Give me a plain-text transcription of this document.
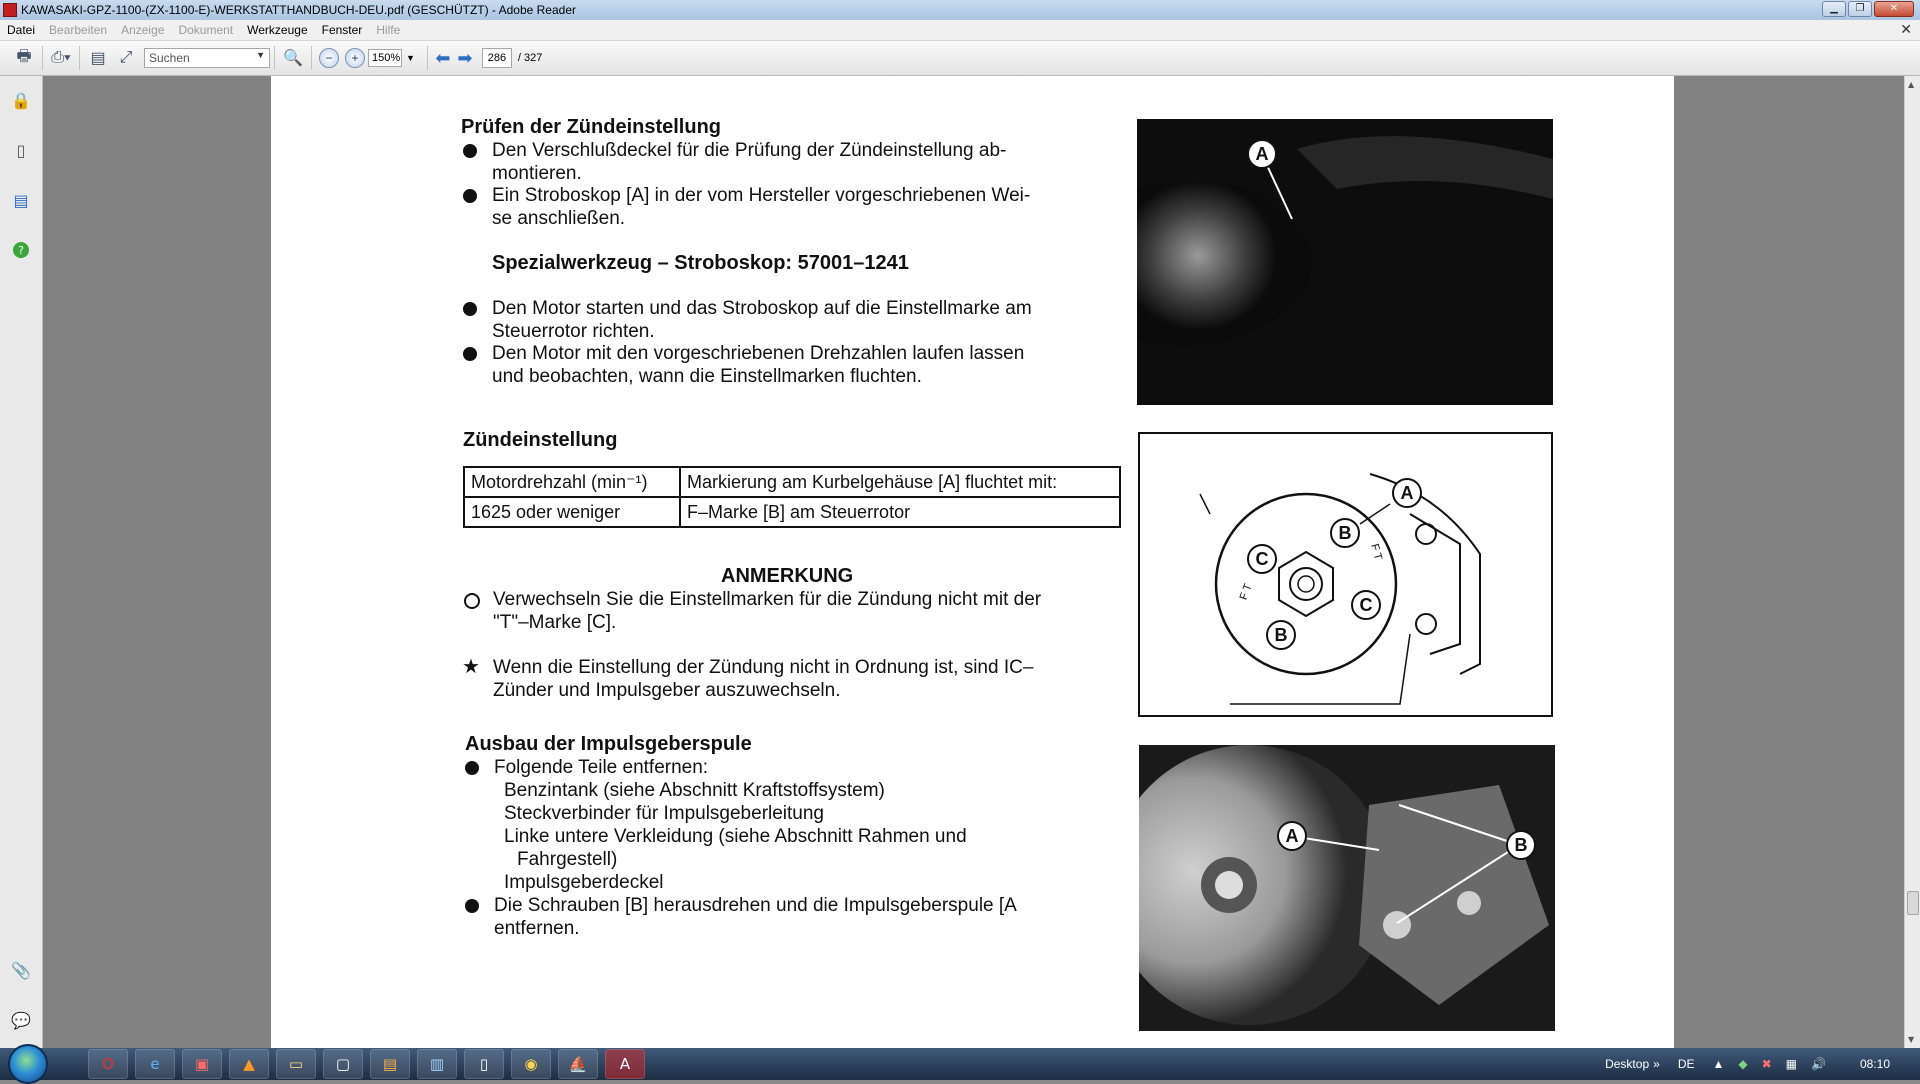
KAWASAKI-GPZ-1100-(ZX-1100-E)-WERKSTATTHANDBUCH-DEU.pdf (GESCHÜTZT) - Adobe Reader	▁	❐	✕
Datei	Bearbeiten	Anzeige	Dokument	Werkzeuge	Fenster	Hilfe	✕
🖶	⎙▾	▤ ⤢	Suchen	▼ 🔍	−	+	150% ▼ ⬅ ➡	286	/ 327
🔒
▯
▤
?
📎
💬
Prüfen der Zündeinstellung
Den Verschlußdeckel für die Prüfung der Zündeinstellung ab-
montieren.
Ein Stroboskop [A] in der vom Hersteller vorgeschriebenen Wei-
se anschließen.
Spezialwerkzeug – Stroboskop: 57001–1241
Den Motor starten und das Stroboskop auf die Einstellmarke am
Steuerrotor richten.
Den Motor mit den vorgeschriebenen Drehzahlen laufen lassen
und beobachten, wann die Einstellmarken fluchten.
Zündeinstellung
Motordrehzahl (min⁻¹)	Markierung am Kurbelgehäuse [A] fluchtet mit:
1625 oder weniger	F–Marke [B] am Steuerrotor
ANMERKUNG
Verwechseln Sie die Einstellmarken für die Zündung nicht mit der
"T"–Marke [C].
★ Wenn die Einstellung der Zündung nicht in Ordnung ist, sind IC–
Zünder und Impulsgeber auszuwechseln.
Ausbau der Impulsgeberspule
Folgende Teile entfernen:
Benzintank (siehe Abschnitt Kraftstoffsystem)
Steckverbinder für Impulsgeberleitung
Linke untere Verkleidung (siehe Abschnitt Rahmen und
Fahrgestell)
Impulsgeberdeckel
Die Schrauben [B] herausdrehen und die Impulsgeberspule [A
entfernen.
A
A
B
C
C
B
F T
F T
A	B
▲
▼
O	e	▣	▲	▭	▢	▤	▥	▯	◉	⛵	A	Desktop » DE ▲ ◆ ✖ ▦ 🔊	08:10
